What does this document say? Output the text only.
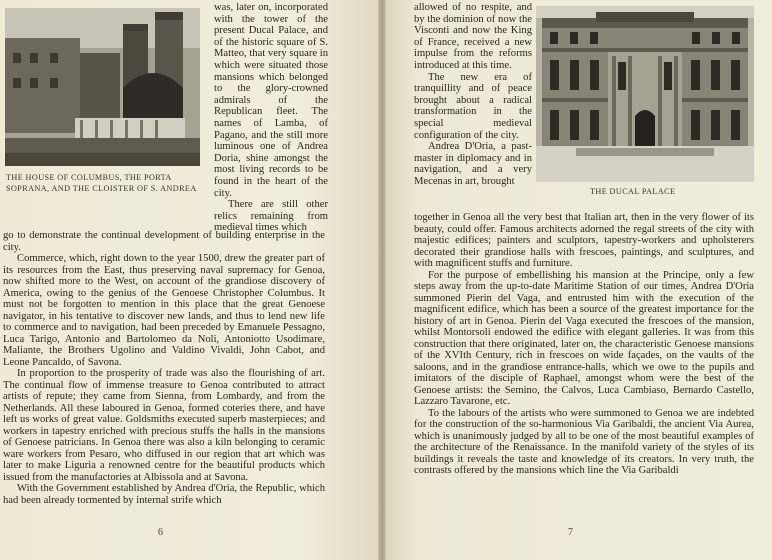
THE HOUSE OF COLUMBUS, THE PORTA SOPRANA, AND THE CLOISTER OF S. ANDREA

was, later on, incorporated with the tower of the present Ducal Palace, and of the historic square of S. Matteo, that very square in which were situated those mansions which belonged to the glory-crowned admirals of the Republican fleet. The names of Lamba, of Pagano, and the still more luminous one of Andrea Doria, shine amongst the most living records to be found in the heart of the city.

There are still other relics remaining from medieval times which

go to demonstrate the continual development of building enterprise in the city.

Commerce, which, right down to the year 1500, drew the greater part of its resources from the East, thus preserving naval supremacy for Genoa, now shifted more to the West, on account of the grandiose discovery of America, owing to the genius of the Genoese Christopher Columbus. It must not be forgotten to mention in this place that the great Genoese navigator, in his tentative to discover new lands, and thus to lend new life to commerce and to navigation, had been preceded by Emanuele Pessagno, Luca Tarigo, Antonio and Bartolomeo da Noli, Antoniotto Usodimare, Maliante, the Brothers Ugolino and Valdino Vivaldi, John Cabot, and Leone Pancaldo, of Savona.

In proportion to the prosperity of trade was also the flourishing of art. The continual flow of immense treasure to Genoa contributed to attract artists of repute; they came from Sienna, from Lombardy, and from the Netherlands. All these laboured in Genoa, formed coteries there, and have left us works of great value. Goldsmiths executed superb masterpieces; and workers in tapestry enriched with precious stuffs the halls in the mansions of Genoese patricians. In Genoa there was also a kiln belonging to ceramic ware workers from Pesaro, who diffused in our region that art which was later to make Liguria a renowned centre for the beautiful products which issued from the manufactories at Albissola and at Savona.

With the Government established by Andrea d'Oria, the Republic, which had been already tormented by internal strife which

6

allowed of no respite, and by the dominion of now the Visconti and now the King of France, received a new impulse from the reforms introduced at this time.

The new era of tranquillity and of peace brought about a radical transformation in the special medieval configuration of the city.

Andrea D'Oria, a past-master in diplomacy and in navigation, and a very Mecenas in art, brought

THE DUCAL PALACE

together in Genoa all the very best that Italian art, then in the very flower of its beauty, could offer. Famous architects adorned the regal streets of the city with majestic edifices; painters and sculptors, tapestry-workers and upholsterers decorated their grandiose halls with frescoes, paintings, and sculptures, and with magnificent stuffs and furniture.

For the purpose of embellishing his mansion at the Principe, only a few steps away from the up-to-date Maritime Station of our times, Andrea D'Oria summoned Pierin del Vaga, and entrusted him with the execution of the magnificent edifice, which has been a source of the greatest importance for the history of art in Genoa. Pierin del Vaga executed the frescoes of the mansion, whilst Montorsoli endowed the edifice with elegant galleries. It was from this construction that there originated, later on, the characteristic Genoese mansions of the XVIth Century, rich in frescoes on wide façades, on the vaults of the saloons, and in the grandiose entrance-halls, which we owe to the pupils and imitators of the disciple of Raphael, amongst whom were the best of the Genoese artists: the Semino, the Calvos, Luca Cambiaso, Bernardo Castello, Lazzaro Tavarone, etc.

To the labours of the artists who were summoned to Genoa we are indebted for the construction of the so-harmonious Via Garibaldi, the ancient Via Aurea, which is unanimously judged by all to be one of the most beautiful examples of the architecture of the Renaissance. In the manifold variety of the styles of its buildings it reveals the taste and knowledge of its creators. In very truth, the contrasts offered by the mansions which line the Via Garibaldi

7
